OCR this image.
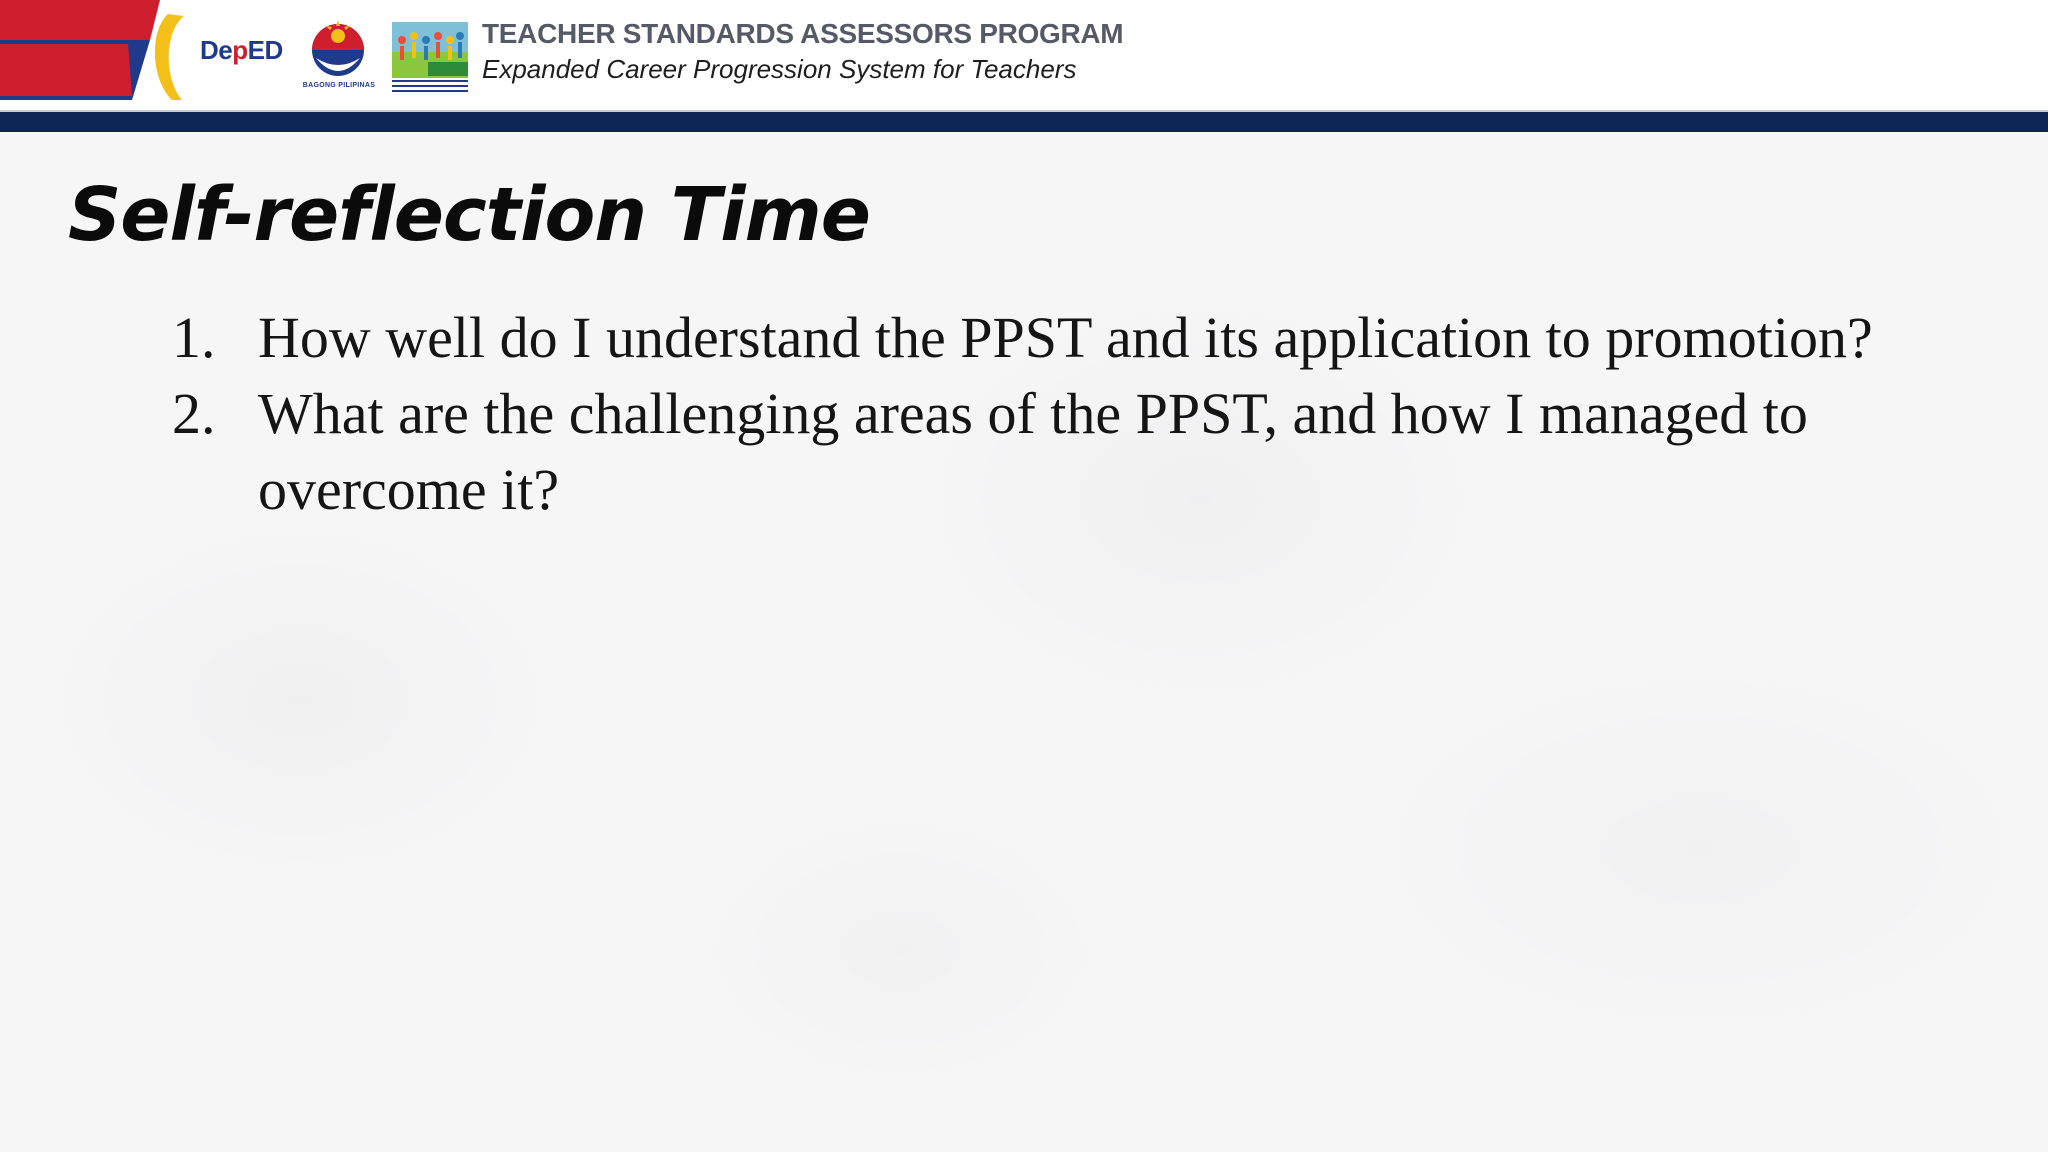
DepED
BAGONG PILIPINAS
TEACHER STANDARDS ASSESSORS PROGRAM
Expanded Career Progression System for Teachers
Self-reflection Time
1. How well do I understand the PPST and its application to promotion?
2. What are the challenging areas of the PPST, and how I managed to overcome it?
